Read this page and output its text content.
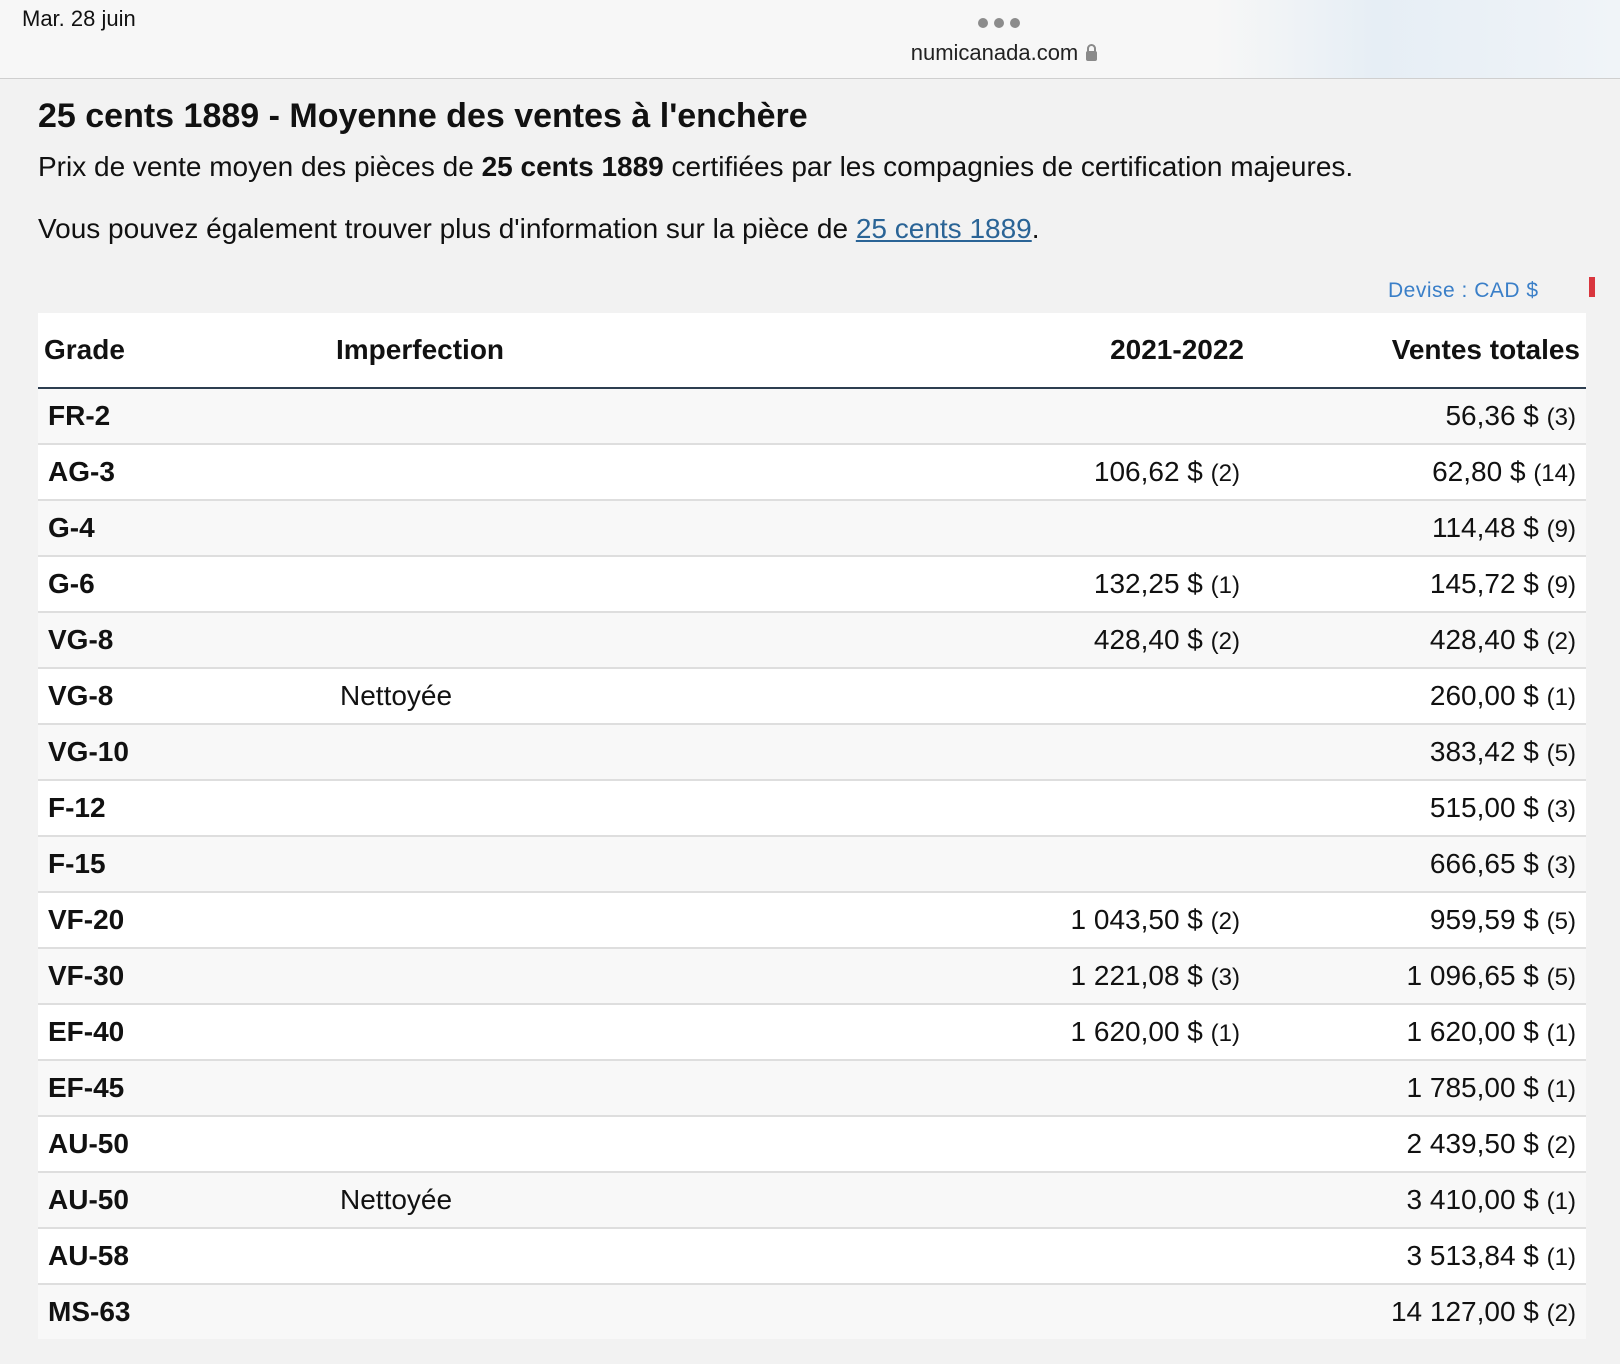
Mar. 28 juin
numicanada.com
25 cents 1889 - Moyenne des ventes à l'enchère

Prix de vente moyen des pièces de 25 cents 1889 certifiées par les compagnies de certification majeures.

Vous pouvez également trouver plus d'information sur la pièce de 25 cents 1889.

Devise : CAD $
Grade	Imperfection	2021-2022	Ventes totales
FR-2			56,36 $ (3)
AG-3		106,62 $ (2)	62,80 $ (14)
G-4			114,48 $ (9)
G-6		132,25 $ (1)	145,72 $ (9)
VG-8		428,40 $ (2)	428,40 $ (2)
VG-8	Nettoyée		260,00 $ (1)
VG-10			383,42 $ (5)
F-12			515,00 $ (3)
F-15			666,65 $ (3)
VF-20		1 043,50 $ (2)	959,59 $ (5)
VF-30		1 221,08 $ (3)	1 096,65 $ (5)
EF-40		1 620,00 $ (1)	1 620,00 $ (1)
EF-45			1 785,00 $ (1)
AU-50			2 439,50 $ (2)
AU-50	Nettoyée		3 410,00 $ (1)
AU-58			3 513,84 $ (1)
MS-63			14 127,00 $ (2)
